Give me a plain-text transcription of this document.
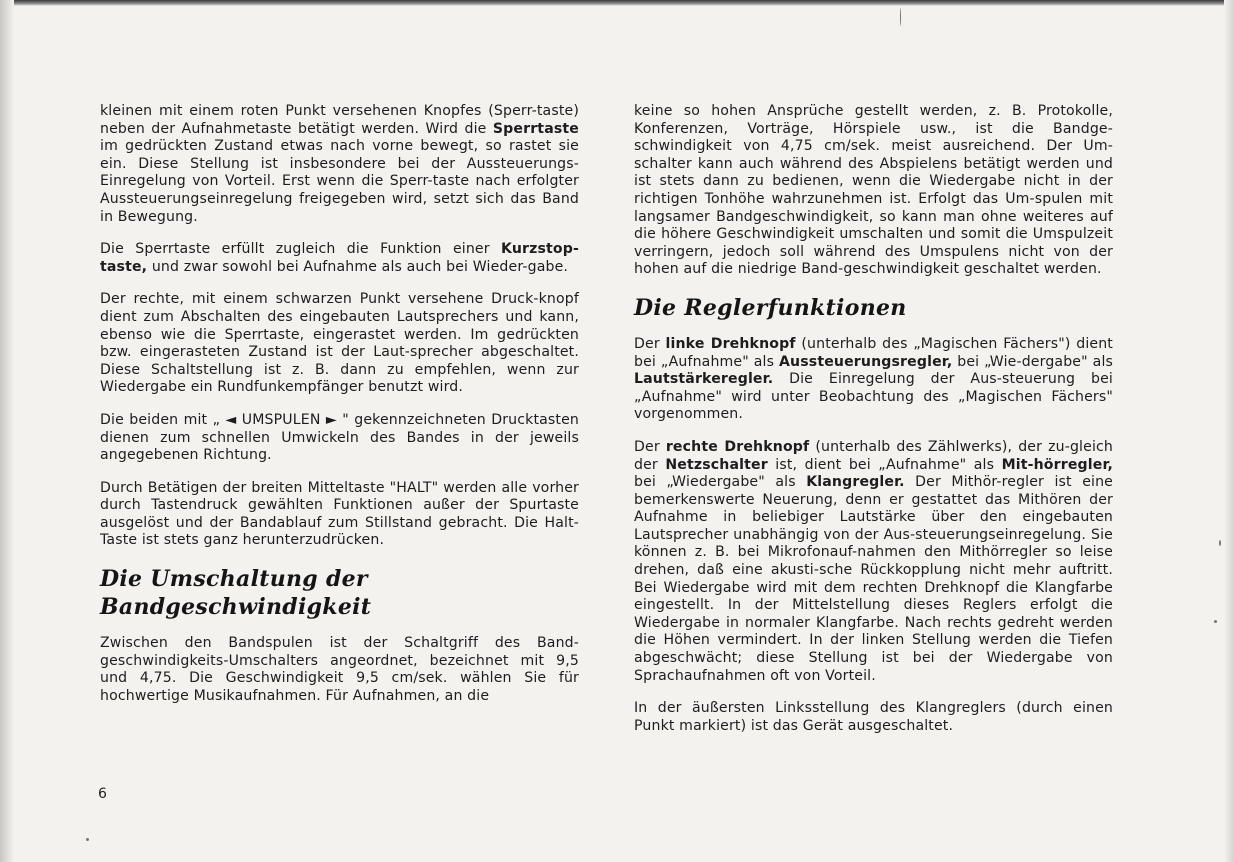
kleinen mit einem roten Punkt versehenen Knopfes (Sperr-taste) neben der Aufnahmetaste betätigt werden. Wird die Sperrtaste im gedrückten Zustand etwas nach vorne bewegt, so rastet sie ein. Diese Stellung ist insbesondere bei der Aussteuerungs-Einregelung von Vorteil. Erst wenn die Sperr-taste nach erfolgter Aussteuerungseinregelung freigegeben wird, setzt sich das Band in Bewegung.

Die Sperrtaste erfüllt zugleich die Funktion einer Kurzstop-taste, und zwar sowohl bei Aufnahme als auch bei Wieder-gabe.

Der rechte, mit einem schwarzen Punkt versehene Druck-knopf dient zum Abschalten des eingebauten Lautsprechers und kann, ebenso wie die Sperrtaste, eingerastet werden. Im gedrückten bzw. eingerasteten Zustand ist der Laut-sprecher abgeschaltet. Diese Schaltstellung ist z. B. dann zu empfehlen, wenn zur Wiedergabe ein Rundfunkempfänger benutzt wird.

Die beiden mit „ ◄ UMSPULEN ► " gekennzeichneten Drucktasten dienen zum schnellen Umwickeln des Bandes in der jeweils angegebenen Richtung.

Durch Betätigen der breiten Mitteltaste "HALT" werden alle vorher durch Tastendruck gewählten Funktionen außer der Spurtaste ausgelöst und der Bandablauf zum Stillstand gebracht. Die Halt-Taste ist stets ganz herunterzudrücken.

Die Umschaltung der Bandgeschwindigkeit

Zwischen den Bandspulen ist der Schaltgriff des Band-geschwindigkeits-Umschalters angeordnet, bezeichnet mit 9,5 und 4,75. Die Geschwindigkeit 9,5 cm/sek. wählen Sie für hochwertige Musikaufnahmen. Für Aufnahmen, an die

keine so hohen Ansprüche gestellt werden, z. B. Protokolle, Konferenzen, Vorträge, Hörspiele usw., ist die Bandge-schwindigkeit von 4,75 cm/sek. meist ausreichend. Der Um-schalter kann auch während des Abspielens betätigt werden und ist stets dann zu bedienen, wenn die Wiedergabe nicht in der richtigen Tonhöhe wahrzunehmen ist. Erfolgt das Um-spulen mit langsamer Bandgeschwindigkeit, so kann man ohne weiteres auf die höhere Geschwindigkeit umschalten und somit die Umspulzeit verringern, jedoch soll während des Umspulens nicht von der hohen auf die niedrige Band-geschwindigkeit geschaltet werden.

Die Reglerfunktionen

Der linke Drehknopf (unterhalb des „Magischen Fächers") dient bei „Aufnahme" als Aussteuerungsregler, bei „Wie-dergabe" als Lautstärkeregler. Die Einregelung der Aus-steuerung bei „Aufnahme" wird unter Beobachtung des „Magischen Fächers" vorgenommen.

Der rechte Drehknopf (unterhalb des Zählwerks), der zu-gleich der Netzschalter ist, dient bei „Aufnahme" als Mit-hörregler, bei „Wiedergabe" als Klangregler. Der Mithör-regler ist eine bemerkenswerte Neuerung, denn er gestattet das Mithören der Aufnahme in beliebiger Lautstärke über den eingebauten Lautsprecher unabhängig von der Aus-steuerungseinregelung. Sie können z. B. bei Mikrofonauf-nahmen den Mithörregler so leise drehen, daß eine akusti-sche Rückkopplung nicht mehr auftritt. Bei Wiedergabe wird mit dem rechten Drehknopf die Klangfarbe eingestellt. In der Mittelstellung dieses Reglers erfolgt die Wiedergabe in normaler Klangfarbe. Nach rechts gedreht werden die Höhen vermindert. In der linken Stellung werden die Tiefen abgeschwächt; diese Stellung ist bei der Wiedergabe von Sprachaufnahmen oft von Vorteil.

In der äußersten Linksstellung des Klangreglers (durch einen Punkt markiert) ist das Gerät ausgeschaltet.

6
